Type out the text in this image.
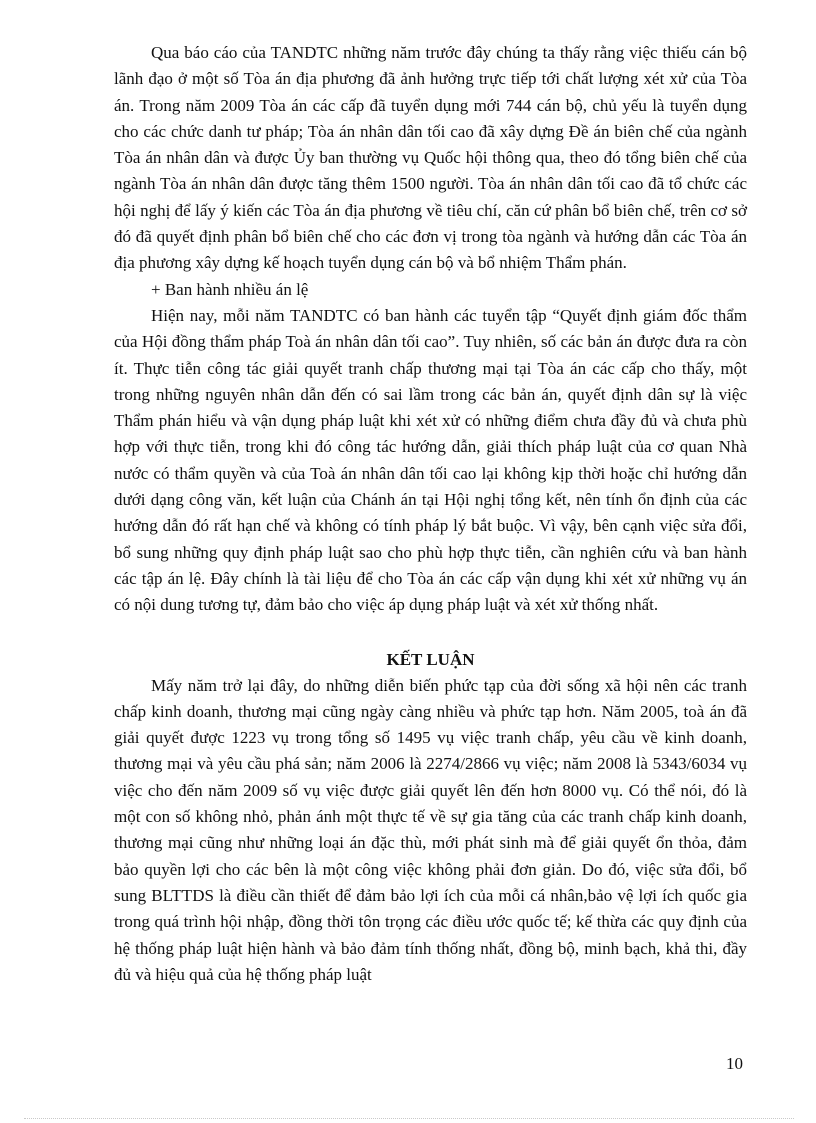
Qua báo cáo của TANDTC những năm trước đây chúng ta thấy rằng việc thiếu cán bộ lãnh đạo ở một số Tòa án địa phương đã ảnh hưởng trực tiếp tới chất lượng xét xử của Tòa án. Trong năm 2009 Tòa án các cấp đã tuyển dụng mới 744 cán bộ, chủ yếu là tuyển dụng cho các chức danh tư pháp; Tòa án nhân dân tối cao đã xây dựng Đề án biên chế của ngành Tòa án nhân dân và được Ủy ban thường vụ Quốc hội thông qua, theo đó tổng biên chế của ngành Tòa án nhân dân được tăng thêm 1500 người. Tòa án nhân dân tối cao đã tổ chức các hội nghị để lấy ý kiến các Tòa án địa phương về tiêu chí, căn cứ phân bổ biên chế, trên cơ sở đó đã quyết định phân bổ biên chế cho các đơn vị trong tòa ngành và hướng dẫn các Tòa án địa phương xây dựng kế hoạch tuyển dụng cán bộ và bổ nhiệm Thẩm phán.

+ Ban hành nhiều án lệ

Hiện nay, mỗi năm TANDTC có ban hành các tuyển tập “Quyết định giám đốc thẩm của Hội đồng thẩm pháp Toà án nhân dân tối cao”. Tuy nhiên, số các bản án được đưa ra còn ít. Thực tiễn công tác giải quyết tranh chấp thương mại tại Tòa án các cấp cho thấy, một trong những nguyên nhân dẫn đến có sai lầm trong các bản án, quyết định dân sự là việc Thẩm phán hiểu và vận dụng pháp luật khi xét xử có những điểm chưa đầy đủ và chưa phù hợp với thực tiễn, trong khi đó công tác hướng dẫn, giải thích pháp luật của cơ quan Nhà nước có thẩm quyền và của Toà án nhân dân tối cao lại không kịp thời hoặc chỉ hướng dẫn dưới dạng công văn, kết luận của Chánh án tại Hội nghị tổng kết, nên tính ổn định của các hướng dẫn đó rất hạn chế và không có tính pháp lý bắt buộc. Vì vậy, bên cạnh việc sửa đổi, bổ sung những quy định pháp luật sao cho phù hợp thực tiễn, cần nghiên cứu và ban hành các tập án lệ. Đây chính là tài liệu để cho Tòa án các cấp vận dụng khi xét xử những vụ án có nội dung tương tự, đảm bảo cho việc áp dụng pháp luật và xét xử thống nhất.

KẾT LUẬN

Mấy năm trở lại đây, do những diễn biến phức tạp của đời sống xã hội nên các tranh chấp kinh doanh, thương mại cũng ngày càng nhiều và phức tạp hơn. Năm 2005, toà án đã giải quyết được 1223 vụ trong tổng số 1495 vụ việc tranh chấp, yêu cầu về kinh doanh, thương mại và yêu cầu phá sản; năm 2006 là 2274/2866 vụ việc; năm 2008 là 5343/6034 vụ việc cho đến năm 2009 số vụ việc được giải quyết lên đến hơn 8000 vụ. Có thể nói, đó là một con số không nhỏ, phản ánh một thực tế về sự gia tăng của các tranh chấp kinh doanh, thương mại cũng như những loại án đặc thù, mới phát sinh mà để giải quyết ổn thỏa, đảm bảo quyền lợi cho các bên là một công việc không phải đơn giản. Do đó, việc sửa đổi, bổ sung BLTTDS là điều cần thiết để đảm bảo lợi ích của mỗi cá nhân,bảo vệ lợi ích quốc gia trong quá trình hội nhập, đồng thời tôn trọng các điều ước quốc tế; kế thừa các quy định của hệ thống pháp luật hiện hành và bảo đảm tính thống nhất, đồng bộ, minh bạch, khả thi, đầy đủ và hiệu quả của hệ thống pháp luật

10
